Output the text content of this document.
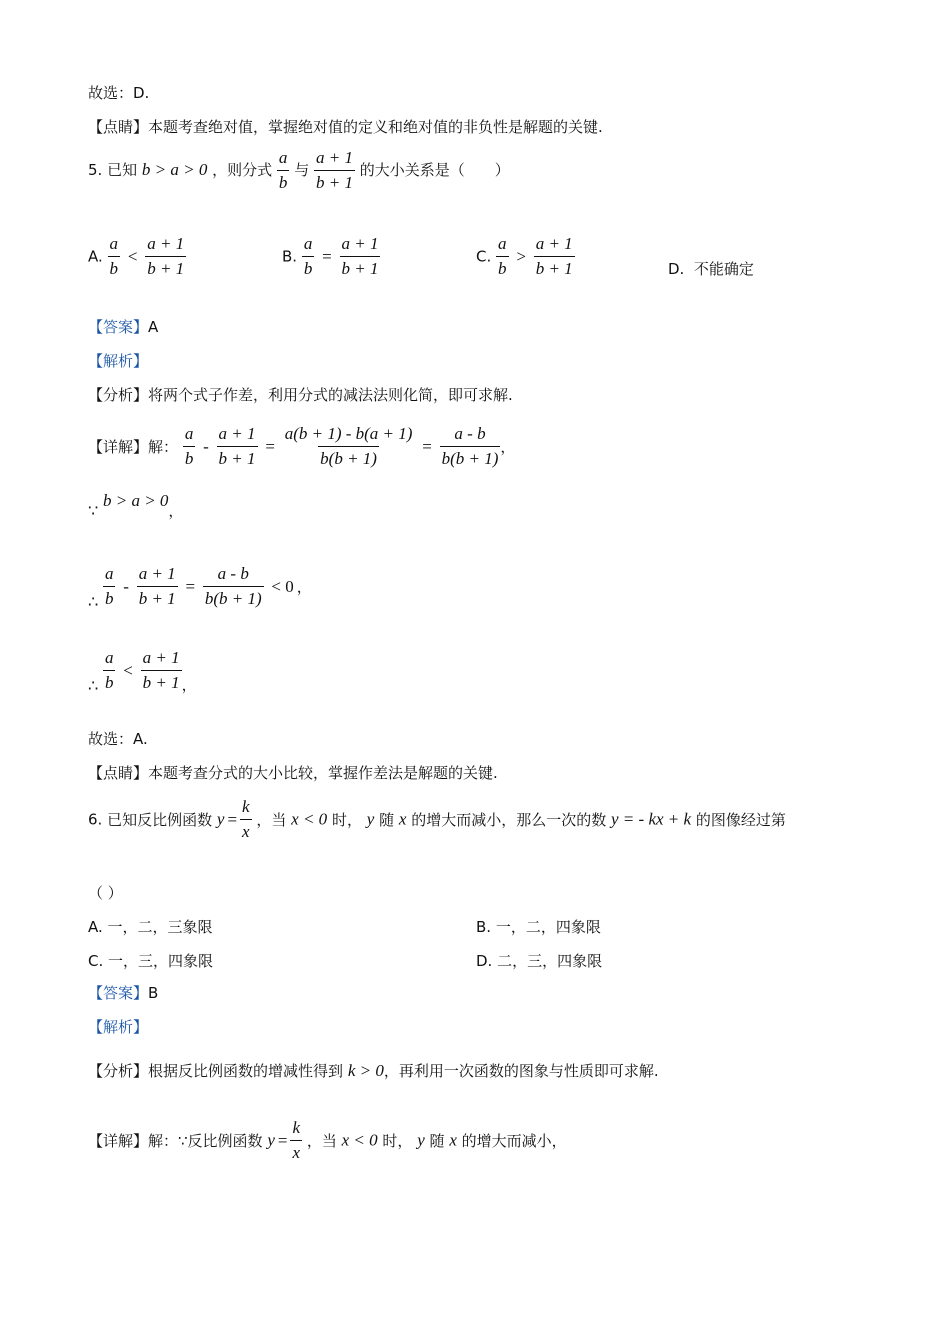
故选：D.
【点睛】本题考查绝对值，掌握绝对值的定义和绝对值的非负性是解题的关键.
5. 已知 b > a > 0 ，则分式 $\frac{a}{b}$ 与 $\frac{a + 1}{b + 1}$ 的大小关系是（　　）
A. $\frac{a}{b} < \frac{a + 1}{b + 1}$	B. $\frac{a}{b} = \frac{a + 1}{b + 1}$	C. $\frac{a}{b} > \frac{a + 1}{b + 1}$	D. 不能确定
【答案】A
【解析】
【分析】将两个式子作差，利用分式的减法法则化简，即可求解.
【详解】解： $\frac{a}{b} - \frac{a + 1}{b + 1} = \frac{a(b + 1) - b(a + 1)}{b(b + 1)} = \frac{a - b}{b(b + 1)}$ ，
∵ b > a > 0，
∴ $\frac{a}{b} - \frac{a + 1}{b + 1} = \frac{a - b}{b(b + 1)} < 0$ ，
∴ $\frac{a}{b} < \frac{a + 1}{b + 1}$ ，
故选：A.
【点睛】本题考查分式的大小比较，掌握作差法是解题的关键.
6. 已知反比例函数 $y = \frac{k}{x}$ ，当 x < 0 时， y 随 x 的增大而减小，那么一次的数 y = - kx + k 的图像经过第
（ ）
A. 一，二，三象限	B. 一，二，四象限
C. 一，三，四象限	D. 二，三，四象限
【答案】B
【解析】
【分析】根据反比例函数的增减性得到 k > 0，再利用一次函数的图象与性质即可求解.
【详解】解：∵反比例函数 $y = \frac{k}{x}$ ，当 x < 0 时， y 随 x 的增大而减小，
